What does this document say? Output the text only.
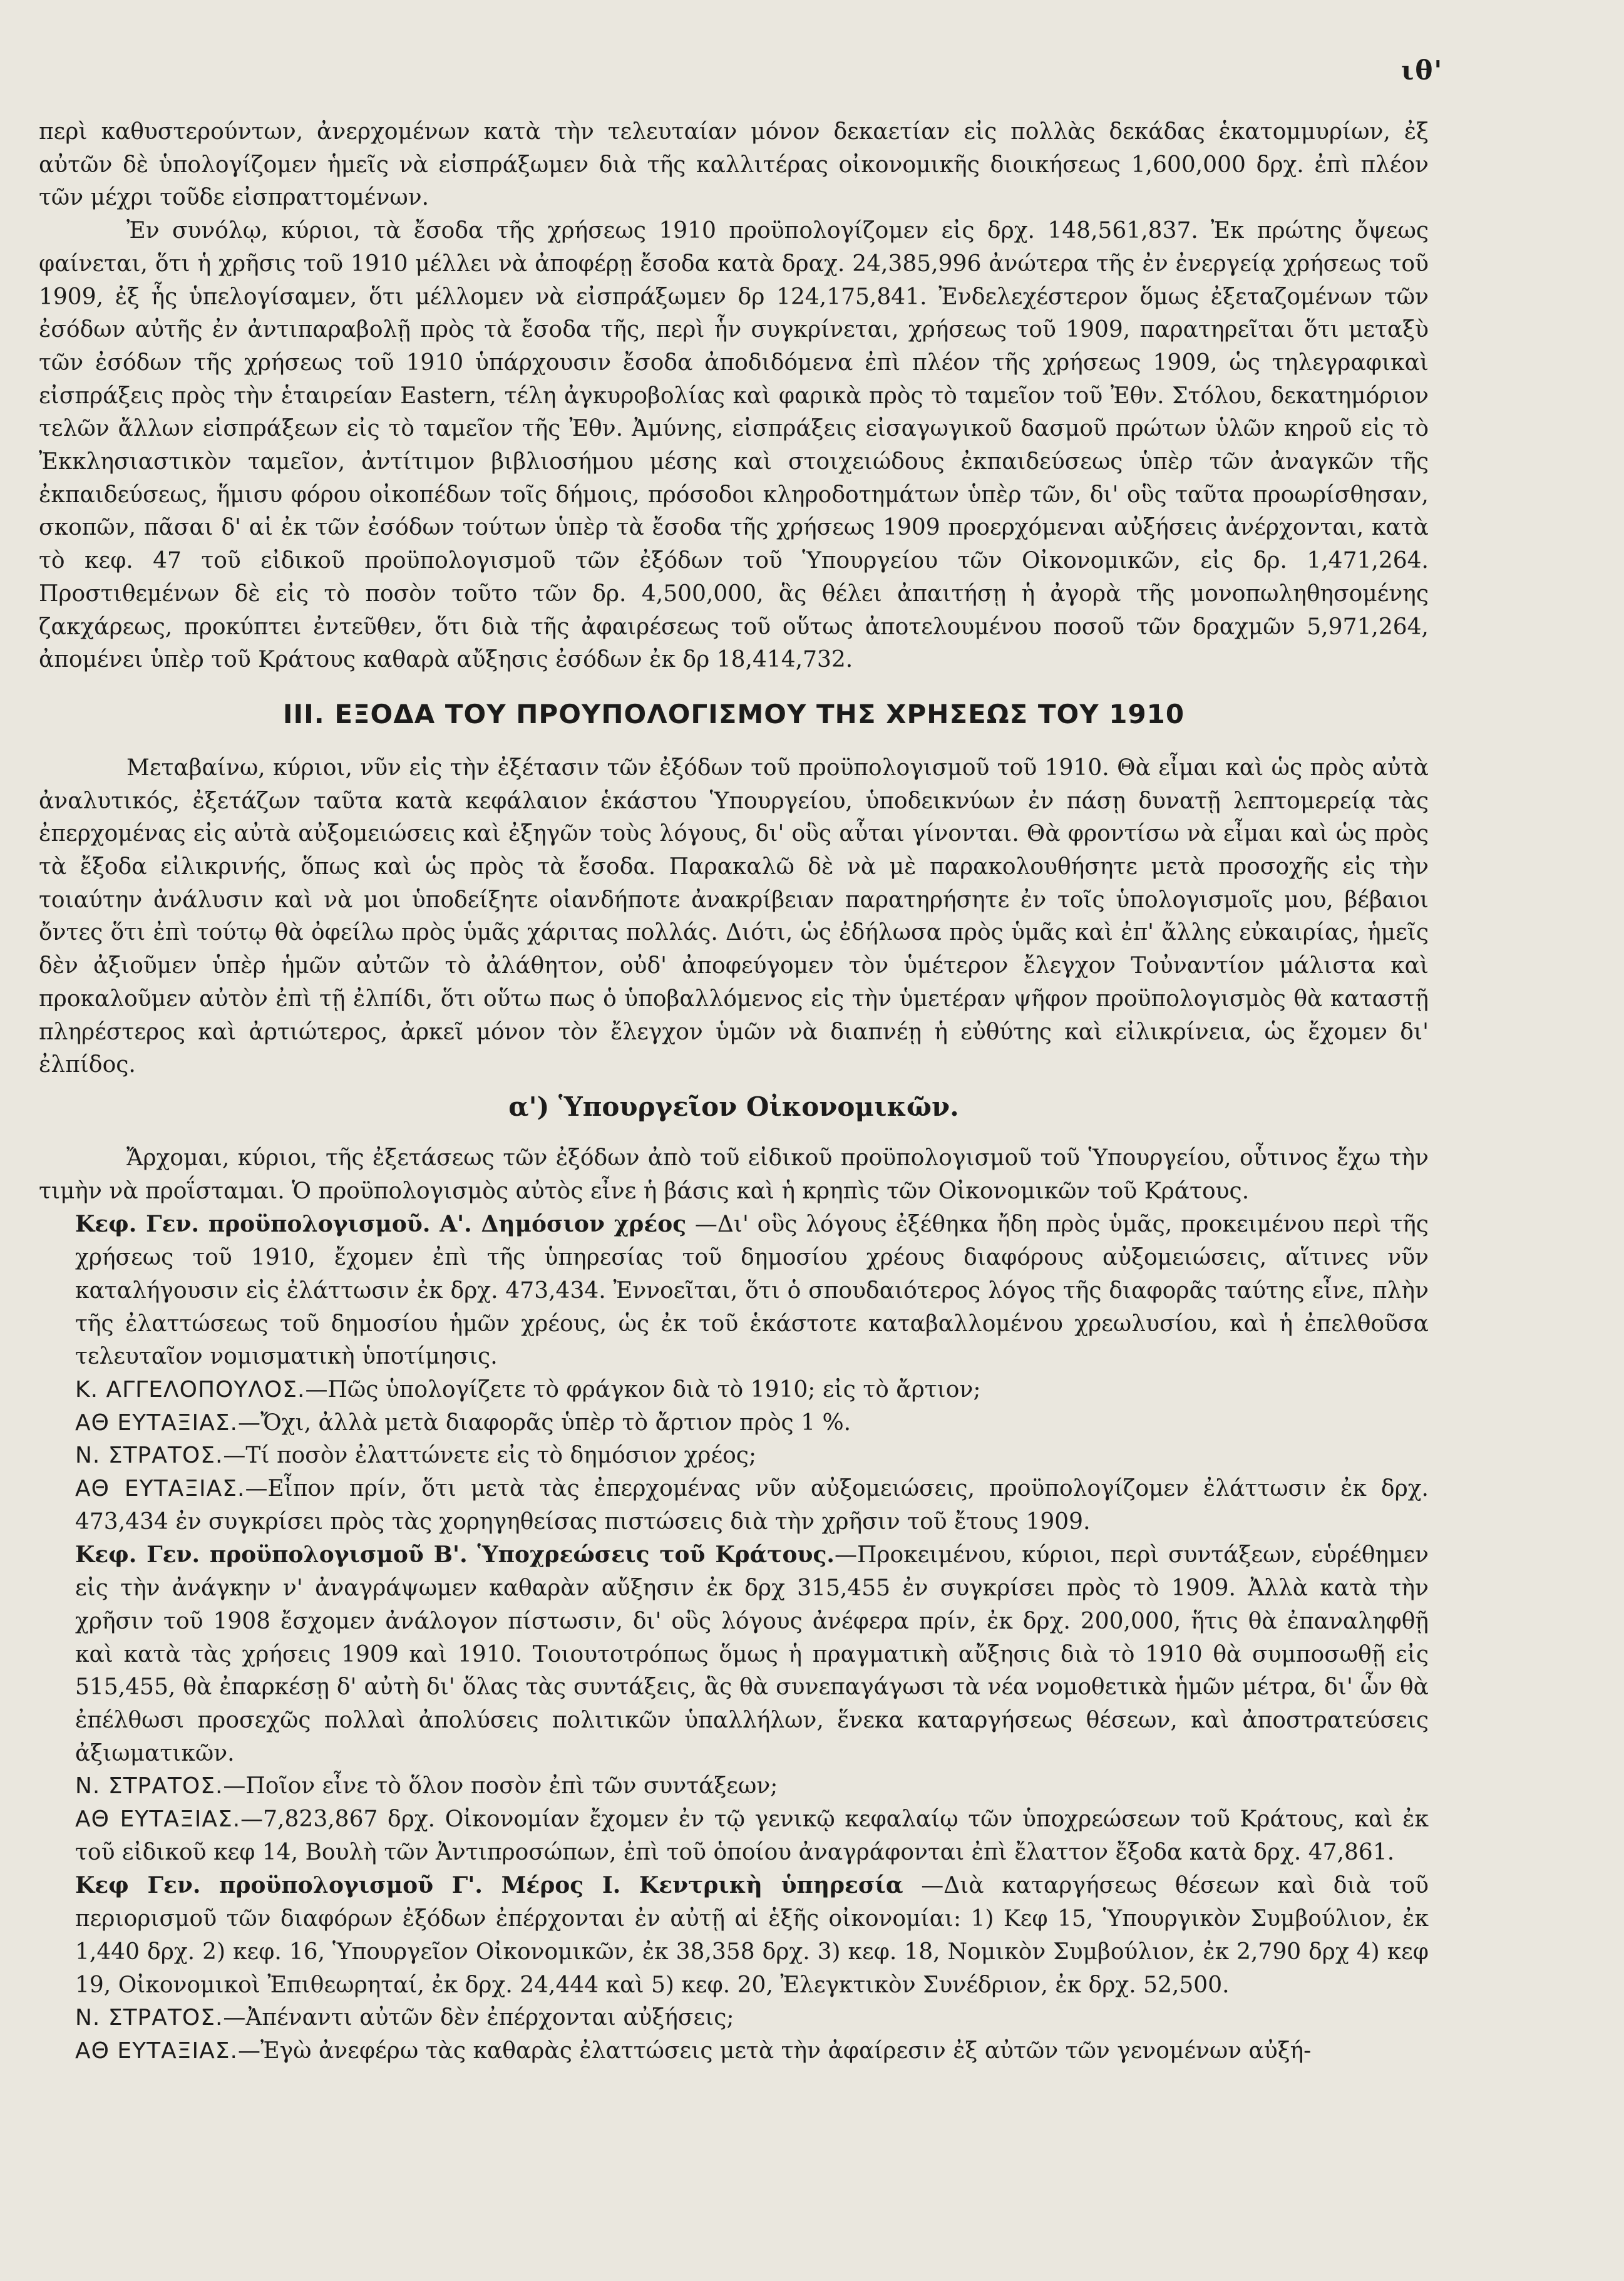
ιθ'

περὶ καθυστερούντων, ἀνερχομένων κατὰ τὴν τελευταίαν μόνον δεκαετίαν εἰς πολλὰς δεκάδας ἑκατομμυρίων, ἐξ αὐτῶν δὲ ὑπολογίζομεν ἡμεῖς νὰ εἰσπράξωμεν διὰ τῆς καλλιτέρας οἰκονομικῆς διοικήσεως 1,600,000 δρχ. ἐπὶ πλέον τῶν μέχρι τοῦδε εἰσπραττομένων.

Ἐν συνόλῳ, κύριοι, τὰ ἔσοδα τῆς χρήσεως 1910 προϋπολογίζομεν εἰς δρχ. 148,561,837. Ἐκ πρώτης ὄψεως φαίνεται, ὅτι ἡ χρῆσις τοῦ 1910 μέλλει νὰ ἀποφέρῃ ἔσοδα κατὰ δραχ. 24,385,996 ἀνώτερα τῆς ἐν ἐνεργείᾳ χρήσεως τοῦ 1909, ἐξ ἧς ὑπελογίσαμεν, ὅτι μέλλομεν νὰ εἰσπράξωμεν δρ 124,175,841. Ἐνδελεχέστερον ὅμως ἐξεταζομένων τῶν ἐσόδων αὐτῆς ἐν ἀντιπαραβολῇ πρὸς τὰ ἔσοδα τῆς, περὶ ἧν συγκρίνεται, χρήσεως τοῦ 1909, παρατηρεῖται ὅτι μεταξὺ τῶν ἐσόδων τῆς χρήσεως τοῦ 1910 ὑπάρχουσιν ἔσοδα ἀποδιδόμενα ἐπὶ πλέον τῆς χρήσεως 1909, ὡς τηλεγραφικαὶ εἰσπράξεις πρὸς τὴν ἑταιρείαν Eastern, τέλη ἀγκυροβολίας καὶ φαρικὰ πρὸς τὸ ταμεῖον τοῦ Ἐθν. Στόλου, δεκατημόριον τελῶν ἄλλων εἰσπράξεων εἰς τὸ ταμεῖον τῆς Ἐθν. Ἀμύνης, εἰσπράξεις εἰσαγωγικοῦ δασμοῦ πρώτων ὑλῶν κηροῦ εἰς τὸ Ἐκκλησιαστικὸν ταμεῖον, ἀντίτιμον βιβλιοσήμου μέσης καὶ στοιχειώδους ἐκπαιδεύσεως ὑπὲρ τῶν ἀναγκῶν τῆς ἐκπαιδεύσεως, ἥμισυ φόρου οἰκοπέδων τοῖς δήμοις, πρόσοδοι κληροδοτημάτων ὑπὲρ τῶν, δι' οὓς ταῦτα προωρίσθησαν, σκοπῶν, πᾶσαι δ' αἱ ἐκ τῶν ἐσόδων τούτων ὑπὲρ τὰ ἔσοδα τῆς χρήσεως 1909 προερχόμεναι αὐξήσεις ἀνέρχονται, κατὰ τὸ κεφ. 47 τοῦ εἰδικοῦ προϋπολογισμοῦ τῶν ἐξόδων τοῦ Ὑπουργείου τῶν Οἰκονομικῶν, εἰς δρ. 1,471,264. Προστιθεμένων δὲ εἰς τὸ ποσὸν τοῦτο τῶν δρ. 4,500,000, ἃς θέλει ἀπαιτήσῃ ἡ ἀγορὰ τῆς μονοπωληθησομένης ζακχάρεως, προκύπτει ἐντεῦθεν, ὅτι διὰ τῆς ἀφαιρέσεως τοῦ οὕτως ἀποτελουμένου ποσοῦ τῶν δραχμῶν 5,971,264, ἀπομένει ὑπὲρ τοῦ Κράτους καθαρὰ αὔξησις ἐσόδων ἐκ δρ 18,414,732.

III. ΕΞΟΔΑ ΤΟΥ ΠΡΟΥΠΟΛΟΓΙΣΜΟΥ ΤΗΣ ΧΡΗΣΕΩΣ ΤΟΥ 1910

Μεταβαίνω, κύριοι, νῦν εἰς τὴν ἐξέτασιν τῶν ἐξόδων τοῦ προϋπολογισμοῦ τοῦ 1910. Θὰ εἶμαι καὶ ὡς πρὸς αὐτὰ ἀναλυτικός, ἐξετάζων ταῦτα κατὰ κεφάλαιον ἑκάστου Ὑπουργείου, ὑποδεικνύων ἐν πάσῃ δυνατῇ λεπτομερείᾳ τὰς ἐπερχομένας εἰς αὐτὰ αὐξομειώσεις καὶ ἐξηγῶν τοὺς λόγους, δι' οὓς αὗται γίνονται. Θὰ φροντίσω νὰ εἶμαι καὶ ὡς πρὸς τὰ ἔξοδα εἰλικρινής, ὅπως καὶ ὡς πρὸς τὰ ἔσοδα. Παρακαλῶ δὲ νὰ μὲ παρακολουθήσητε μετὰ προσοχῆς εἰς τὴν τοιαύτην ἀνάλυσιν καὶ νὰ μοι ὑποδείξητε οἱανδήποτε ἀνακρίβειαν παρατηρήσητε ἐν τοῖς ὑπολογισμοῖς μου, βέβαιοι ὄντες ὅτι ἐπὶ τούτῳ θὰ ὀφείλω πρὸς ὑμᾶς χάριτας πολλάς. Διότι, ὡς ἐδήλωσα πρὸς ὑμᾶς καὶ ἐπ' ἄλλης εὐκαιρίας, ἡμεῖς δὲν ἀξιοῦμεν ὑπὲρ ἡμῶν αὐτῶν τὸ ἀλάθητον, οὐδ' ἀποφεύγομεν τὸν ὑμέτερον ἔλεγχον Τοὐναντίον μάλιστα καὶ προκαλοῦμεν αὐτὸν ἐπὶ τῇ ἐλπίδι, ὅτι οὕτω πως ὁ ὑποβαλλόμενος εἰς τὴν ὑμετέραν ψῆφον προϋπολογισμὸς θὰ καταστῇ πληρέστερος καὶ ἀρτιώτερος, ἀρκεῖ μόνον τὸν ἔλεγχον ὑμῶν νὰ διαπνέῃ ἡ εὐθύτης καὶ εἰλικρίνεια, ὡς ἔχομεν δι' ἐλπίδος.

α') Ὑπουργεῖον Οἰκονομικῶν.

Ἄρχομαι, κύριοι, τῆς ἐξετάσεως τῶν ἐξόδων ἀπὸ τοῦ εἰδικοῦ προϋπολογισμοῦ τοῦ Ὑπουργείου, οὗτινος ἔχω τὴν τιμὴν νὰ προΐσταμαι. Ὁ προϋπολογισμὸς αὐτὸς εἶνε ἡ βάσις καὶ ἡ κρηπὶς τῶν Οἰκονομικῶν τοῦ Κράτους.

Κεφ. Γεν. προϋπολογισμοῦ. Α'. Δημόσιον χρέος —Δι' οὓς λόγους ἐξέθηκα ἤδη πρὸς ὑμᾶς, προκειμένου περὶ τῆς χρήσεως τοῦ 1910, ἔχομεν ἐπὶ τῆς ὑπηρεσίας τοῦ δημοσίου χρέους διαφόρους αὐξομειώσεις, αἵτινες νῦν καταλήγουσιν εἰς ἐλάττωσιν ἐκ δρχ. 473,434. Ἐννοεῖται, ὅτι ὁ σπουδαιότερος λόγος τῆς διαφορᾶς ταύτης εἶνε, πλὴν τῆς ἐλαττώσεως τοῦ δημοσίου ἡμῶν χρέους, ὡς ἐκ τοῦ ἑκάστοτε καταβαλλομένου χρεωλυσίου, καὶ ἡ ἐπελθοῦσα τελευταῖον νομισματικὴ ὑποτίμησις.

Κ. ΑΓΓΕΛΟΠΟΥΛΟΣ.—Πῶς ὑπολογίζετε τὸ φράγκον διὰ τὸ 1910; εἰς τὸ ἄρτιον;

ΑΘ ΕΥΤΑΞΙΑΣ.—Ὄχι, ἀλλὰ μετὰ διαφορᾶς ὑπὲρ τὸ ἄρτιον πρὸς 1 %.

Ν. ΣΤΡΑΤΟΣ.—Τί ποσὸν ἐλαττώνετε εἰς τὸ δημόσιον χρέος;

ΑΘ ΕΥΤΑΞΙΑΣ.—Εἶπον πρίν, ὅτι μετὰ τὰς ἐπερχομένας νῦν αὐξομειώσεις, προϋπολογίζομεν ἐλάττωσιν ἐκ δρχ. 473,434 ἐν συγκρίσει πρὸς τὰς χορηγηθείσας πιστώσεις διὰ τὴν χρῆσιν τοῦ ἔτους 1909.

Κεφ. Γεν. προϋπολογισμοῦ Β'. Ὑποχρεώσεις τοῦ Κράτους.—Προκειμένου, κύριοι, περὶ συντάξεων, εὑρέθημεν εἰς τὴν ἀνάγκην ν' ἀναγράψωμεν καθαρὰν αὔξησιν ἐκ δρχ 315,455 ἐν συγκρίσει πρὸς τὸ 1909. Ἀλλὰ κατὰ τὴν χρῆσιν τοῦ 1908 ἔσχομεν ἀνάλογον πίστωσιν, δι' οὓς λόγους ἀνέφερα πρίν, ἐκ δρχ. 200,000, ἥτις θὰ ἐπαναληφθῇ καὶ κατὰ τὰς χρήσεις 1909 καὶ 1910. Τοιουτοτρόπως ὅμως ἡ πραγματικὴ αὔξησις διὰ τὸ 1910 θὰ συμποσωθῇ εἰς 515,455, θὰ ἐπαρκέσῃ δ' αὐτὴ δι' ὅλας τὰς συντάξεις, ἃς θὰ συνεπαγάγωσι τὰ νέα νομοθετικὰ ἡμῶν μέτρα, δι' ὧν θὰ ἐπέλθωσι προσεχῶς πολλαὶ ἀπολύσεις πολιτικῶν ὑπαλλήλων, ἕνεκα καταργήσεως θέσεων, καὶ ἀποστρατεύσεις ἀξιωματικῶν.

Ν. ΣΤΡΑΤΟΣ.—Ποῖον εἶνε τὸ ὅλον ποσὸν ἐπὶ τῶν συντάξεων;

ΑΘ ΕΥΤΑΞΙΑΣ.—7,823,867 δρχ. Οἰκονομίαν ἔχομεν ἐν τῷ γενικῷ κεφαλαίῳ τῶν ὑποχρεώσεων τοῦ Κράτους, καὶ ἐκ τοῦ εἰδικοῦ κεφ 14, Βουλὴ τῶν Ἀντιπροσώπων, ἐπὶ τοῦ ὁποίου ἀναγράφονται ἐπὶ ἔλαττον ἔξοδα κατὰ δρχ. 47,861.

Κεφ Γεν. προϋπολογισμοῦ Γ'. Μέρος Ι. Κεντρικὴ ὑπηρεσία —Διὰ καταργήσεως θέσεων καὶ διὰ τοῦ περιορισμοῦ τῶν διαφόρων ἐξόδων ἐπέρχονται ἐν αὐτῇ αἱ ἑξῆς οἰκονομίαι: 1) Κεφ 15, Ὑπουργικὸν Συμβούλιον, ἐκ 1,440 δρχ. 2) κεφ. 16, Ὑπουργεῖον Οἰκονομικῶν, ἐκ 38,358 δρχ. 3) κεφ. 18, Νομικὸν Συμβούλιον, ἐκ 2,790 δρχ 4) κεφ 19, Οἰκονομικοὶ Ἐπιθεωρηταί, ἐκ δρχ. 24,444 καὶ 5) κεφ. 20, Ἐλεγκτικὸν Συνέδριον, ἐκ δρχ. 52,500.

Ν. ΣΤΡΑΤΟΣ.—Ἀπέναντι αὐτῶν δὲν ἐπέρχονται αὐξήσεις;

ΑΘ ΕΥΤΑΞΙΑΣ.—Ἐγὼ ἀνεφέρω τὰς καθαρὰς ἐλαττώσεις μετὰ τὴν ἀφαίρεσιν ἐξ αὐτῶν τῶν γενομένων αὐξή-
